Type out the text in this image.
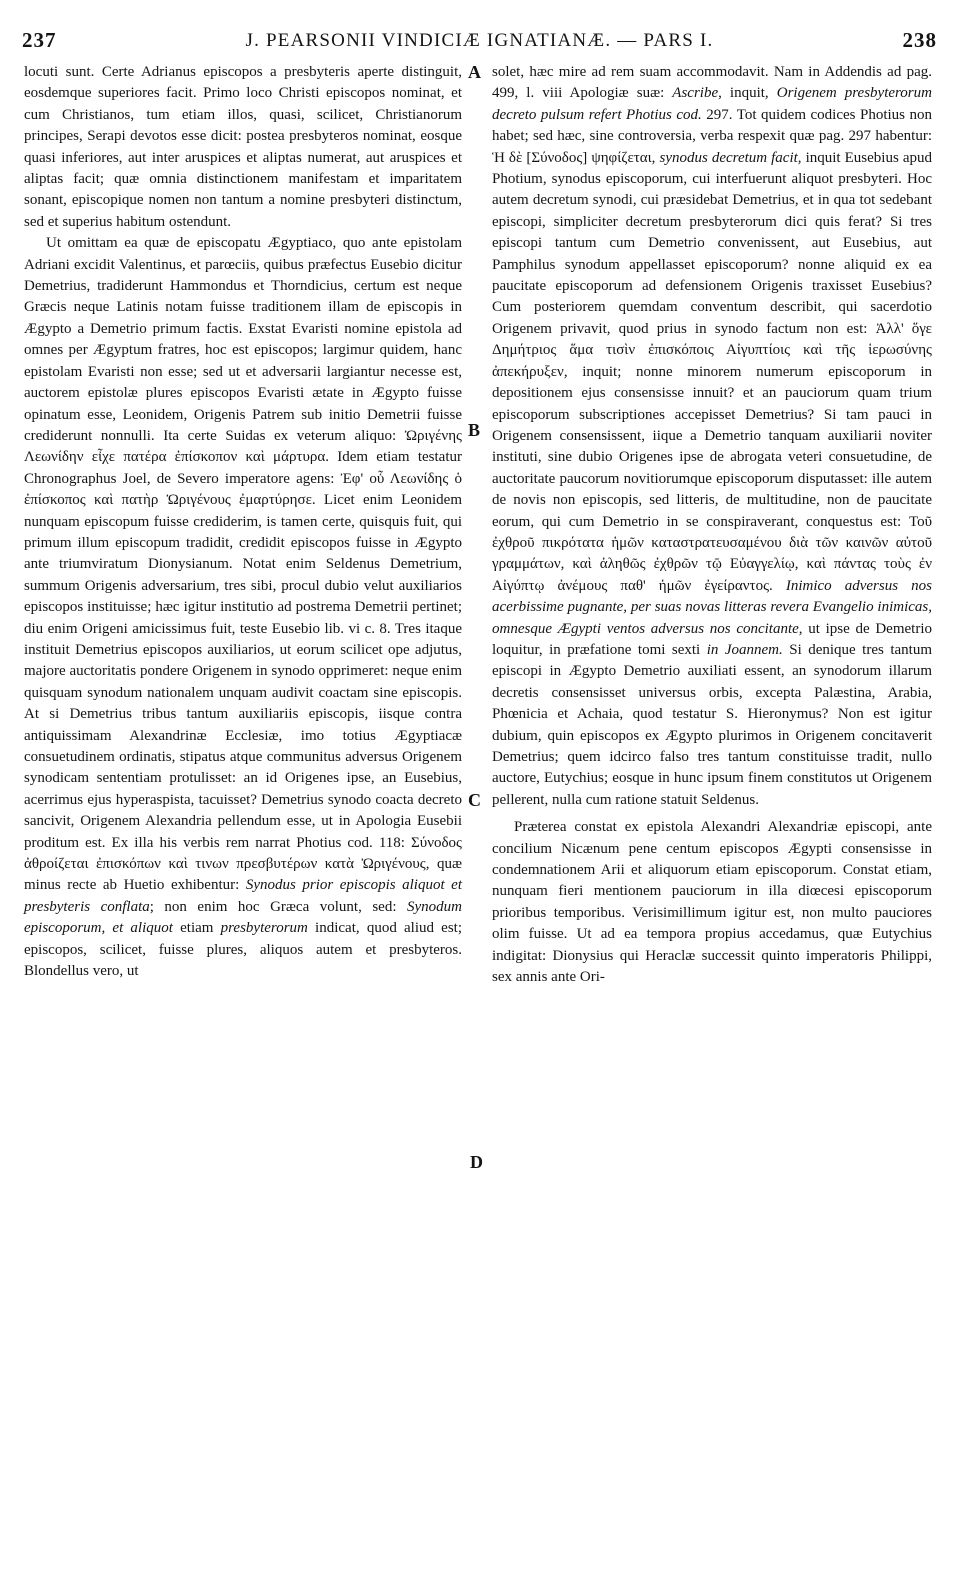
237	J. PEARSONII VINDICIÆ IGNATIANÆ. — PARS I.	238
A
B
C
D

locuti sunt. Certe Adrianus episcopos a presbyteris aperte distinguit, eosdemque superiores facit. Primo loco Christi episcopos nominat, et cum Christianos, tum etiam illos, quasi, scilicet, Christianorum principes, Serapi devotos esse dicit: postea presbyteros nominat, eosque quasi inferiores, aut inter aruspices et aliptas numerat, aut aruspices et aliptas facit; quæ omnia distinctionem manifestam et imparitatem sonant, episcopique nomen non tantum a nomine presbyteri distinctum, sed et superius habitum ostendunt.

Ut omittam ea quæ de episcopatu Ægyptiaco, quo ante epistolam Adriani excidit Valentinus, et parœciis, quibus præfectus Eusebio dicitur Demetrius, tradiderunt Hammondus et Thorndicius, certum est neque Græcis neque Latinis notam fuisse traditionem illam de episcopis in Ægypto a Demetrio primum factis. Exstat Evaristi nomine epistola ad omnes per Ægyptum fratres, hoc est episcopos; largimur quidem, hanc epistolam Evaristi non esse; sed ut et adversarii largiantur necesse est, auctorem epistolæ plures episcopos Evaristi ætate in Ægypto fuisse opinatum esse, Leonidem, Origenis Patrem sub initio Demetrii fuisse crediderunt nonnulli. Ita certe Suidas ex veterum aliquo: Ὠριγένης Λεωνίδην εἶχε πατέρα ἐπίσκοπον καὶ μάρτυρα. Idem etiam testatur Chronographus Joel, de Severo imperatore agens: Ἐφ' οὗ Λεωνίδης ὁ ἐπίσκοπος καὶ πατὴρ Ὠριγένους ἐμαρτύρησε. Licet enim Leonidem nunquam episcopum fuisse crediderim, is tamen certe, quisquis fuit, qui primum illum episcopum tradidit, credidit episcopos fuisse in Ægypto ante triumviratum Dionysianum. Notat enim Seldenus Demetrium, summum Origenis adversarium, tres sibi, procul dubio velut auxiliarios episcopos instituisse; hæc igitur institutio ad postrema Demetrii pertinet; diu enim Origeni amicissimus fuit, teste Eusebio lib. vi c. 8. Tres itaque instituit Demetrius episcopos auxiliarios, ut eorum scilicet ope adjutus, majore auctoritatis pondere Origenem in synodo opprimeret: neque enim quisquam synodum nationalem unquam audivit coactam sine episcopis. At si Demetrius tribus tantum auxiliariis episcopis, iisque contra antiquissimam Alexandrinæ Ecclesiæ, imo totius Ægyptiacæ consuetudinem ordinatis, stipatus atque communitus adversus Origenem synodicam sententiam protulisset: an id Origenes ipse, an Eusebius, acerrimus ejus hyperaspista, tacuisset? Demetrius synodo coacta decreto sancivit, Origenem Alexandria pellendum esse, ut in Apologia Eusebii proditum est. Ex illa his verbis rem narrat Photius cod. 118: Σύνοδος ἀθροίζεται ἐπισκόπων καὶ τινων πρεσβυτέρων κατὰ Ὠριγένους, quæ minus recte ab Huetio exhibentur: Synodus prior episcopis aliquot et presbyteris conflata; non enim hoc Græca volunt, sed: Synodum episcoporum, et aliquot etiam presbyterorum indicat, quod aliud est; episcopos, scilicet, fuisse plures, aliquos autem et presbyteros. Blondellus vero, ut

solet, hæc mire ad rem suam accommodavit. Nam in Addendis ad pag. 499, l. viii Apologiæ suæ: Ascribe, inquit, Origenem presbyterorum decreto pulsum refert Photius cod. 297. Tot quidem codices Photius non habet; sed hæc, sine controversia, verba respexit quæ pag. 297 habentur: Ἡ δὲ [Σύνοδος] ψηφίζεται, synodus decretum facit, inquit Eusebius apud Photium, synodus episcoporum, cui interfuerunt aliquot presbyteri. Hoc autem decretum synodi, cui præsidebat Demetrius, et in qua tot sedebant episcopi, simpliciter decretum presbyterorum dici quis ferat? Si tres episcopi tantum cum Demetrio convenissent, aut Eusebius, aut Pamphilus synodum appellasset episcoporum? nonne aliquid ex ea paucitate episcoporum ad defensionem Origenis traxisset Eusebius? Cum posteriorem quemdam conventum describit, qui sacerdotio Origenem privavit, quod prius in synodo factum non est: Ἀλλ' ὅγε Δημήτριος ἅμα τισὶν ἐπισκόποις Αἰγυπτίοις καὶ τῆς ἱερωσύνης ἀπεκήρυξεν, inquit; nonne minorem numerum episcoporum in depositionem ejus consensisse innuit? et an pauciorum quam trium episcoporum subscriptiones accepisset Demetrius? Si tam pauci in Origenem consensissent, iique a Demetrio tanquam auxiliarii noviter instituti, sine dubio Origenes ipse de abrogata veteri consuetudine, de auctoritate paucorum novitiorumque episcoporum disputasset: ille autem de novis non episcopis, sed litteris, de multitudine, non de paucitate eorum, qui cum Demetrio in se conspiraverant, conquestus est: Τοῦ ἐχθροῦ πικρότατα ἡμῶν καταστρατευσαμένου διὰ τῶν καινῶν αὐτοῦ γραμμάτων, καὶ ἀληθῶς ἐχθρῶν τῷ Εὐαγγελίῳ, καὶ πάντας τοὺς ἐν Αἰγύπτῳ ἀνέμους παθ' ἡμῶν ἐγείραντος. Inimico adversus nos acerbissime pugnante, per suas novas litteras revera Evangelio inimicas, omnesque Ægypti ventos adversus nos concitante, ut ipse de Demetrio loquitur, in præfatione tomi sexti in Joannem. Si denique tres tantum episcopi in Ægypto Demetrio auxiliati essent, an synodorum illarum decretis consensisset universus orbis, excepta Palæstina, Arabia, Phœnicia et Achaia, quod testatur S. Hieronymus? Non est igitur dubium, quin episcopos ex Ægypto plurimos in Origenem concitaverit Demetrius; quem idcirco falso tres tantum constituisse tradit, nullo auctore, Eutychius; eosque in hunc ipsum finem constitutos ut Origenem pellerent, nulla cum ratione statuit Seldenus.

Præterea constat ex epistola Alexandri Alexandriæ episcopi, ante concilium Nicænum pene centum episcopos Ægypti consensisse in condemnationem Arii et aliquorum etiam episcoporum. Constat etiam, nunquam fieri mentionem pauciorum in illa diœcesi episcoporum prioribus temporibus. Verisimillimum igitur est, non multo pauciores olim fuisse. Ut ad ea tempora propius accedamus, quæ Eutychius indigitat: Dionysius qui Heraclæ successit quinto imperatoris Philippi, sex annis ante Ori-
